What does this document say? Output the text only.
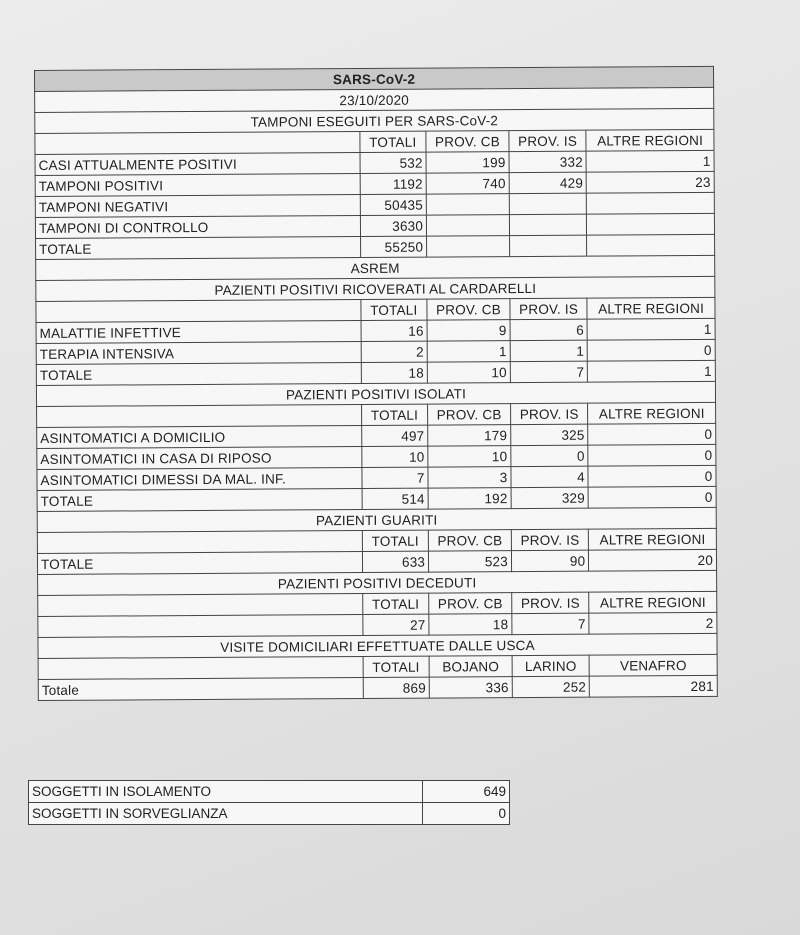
SARS-CoV-2				
23/10/2020				
TAMPONI ESEGUITI PER SARS-CoV-2				
	TOTALI	PROV. CB	PROV. IS	ALTRE REGIONI
CASI ATTUALMENTE POSITIVI	532	199	332	1
TAMPONI POSITIVI	1192	740	429	23
TAMPONI NEGATIVI	50435			
TAMPONI DI CONTROLLO	3630			
TOTALE	55250			
ASREM				
PAZIENTI POSITIVI RICOVERATI AL CARDARELLI				
	TOTALI	PROV. CB	PROV. IS	ALTRE REGIONI
MALATTIE INFETTIVE	16	9	6	1
TERAPIA INTENSIVA	2	1	1	0
TOTALE	18	10	7	1
PAZIENTI POSITIVI ISOLATI				
	TOTALI	PROV. CB	PROV. IS	ALTRE REGIONI
ASINTOMATICI A DOMICILIO	497	179	325	0
ASINTOMATICI IN CASA DI RIPOSO	10	10	0	0
ASINTOMATICI DIMESSI DA MAL. INF.	7	3	4	0
TOTALE	514	192	329	0
PAZIENTI GUARITI				
	TOTALI	PROV. CB	PROV. IS	ALTRE REGIONI
TOTALE	633	523	90	20
PAZIENTI POSITIVI DECEDUTI				
	TOTALI	PROV. CB	PROV. IS	ALTRE REGIONI
	27	18	7	2
VISITE DOMICILIARI EFFETTUATE DALLE USCA				
	TOTALI	BOJANO	LARINO	VENAFRO
Totale	869	336	252	281
SOGGETTI IN ISOLAMENTO	649
SOGGETTI IN SORVEGLIANZA	0
